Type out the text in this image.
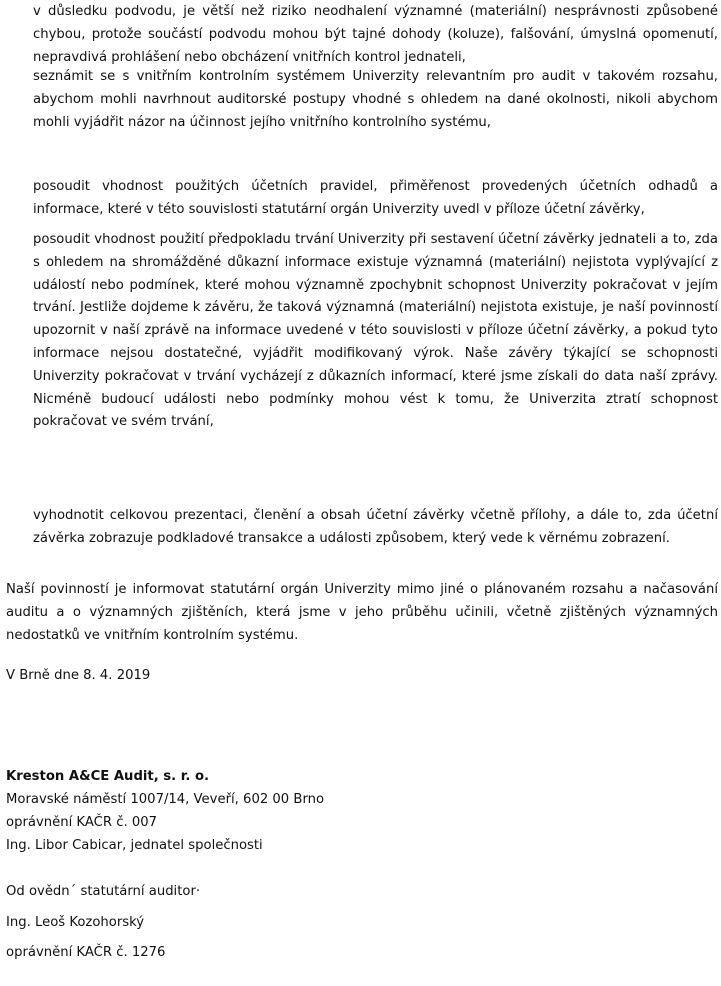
v důsledku podvodu, je větší než riziko neodhalení významné (materiální) nesprávnosti způsobené chybou, protože součástí podvodu mohou být tajné dohody (koluze), falšování, úmyslná opomenutí, nepravdivá prohlášení nebo obcházení vnitřních kontrol jednateli,

seznámit se s vnitřním kontrolním systémem Univerzity relevantním pro audit v takovém rozsahu, abychom mohli navrhnout auditorské postupy vhodné s ohledem na dané okolnosti, nikoli abychom mohli vyjádřit názor na účinnost jejího vnitřního kontrolního systému,

posoudit vhodnost použitých účetních pravidel, přiměřenost provedených účetních odhadů a informace, které v této souvislosti statutární orgán Univerzity uvedl v příloze účetní závěrky,

posoudit vhodnost použití předpokladu trvání Univerzity při sestavení účetní závěrky jednateli a to, zda s ohledem na shromážděné důkazní informace existuje významná (materiální) nejistota vyplývající z událostí nebo podmínek, které mohou významně zpochybnit schopnost Univerzity pokračovat v jejím trvání. Jestliže dojdeme k závěru, že taková významná (materiální) nejistota existuje, je naší povinností upozornit v naší zprávě na informace uvedené v této souvislosti v příloze účetní závěrky, a pokud tyto informace nejsou dostatečné, vyjádřit modifikovaný výrok. Naše závěry týkající se schopnosti Univerzity pokračovat v trvání vycházejí z důkazních informací, které jsme získali do data naší zprávy. Nicméně budoucí události nebo podmínky mohou vést k tomu, že Univerzita ztratí schopnost pokračovat ve svém trvání,

vyhodnotit celkovou prezentaci, členění a obsah účetní závěrky včetně přílohy, a dále to, zda účetní závěrka zobrazuje podkladové transakce a události způsobem, který vede k věrnému zobrazení.

Naší povinností je informovat statutární orgán Univerzity mimo jiné o plánovaném rozsahu a načasování auditu a o významných zjištěních, která jsme v jeho průběhu učinili, včetně zjištěných významných nedostatků ve vnitřním kontrolním systému.

V Brně dne 8. 4. 2019
Kreston A&CE Audit, s. r. o.
Moravské náměstí 1007/14, Veveří, 602 00 Brno
oprávnění KAČR č. 007
Ing. Libor Cabicar, jednatel společnosti
Od ovědn´ statutární auditor·
Ing. Leoš Kozohorský
oprávnění KAČR č. 1276
